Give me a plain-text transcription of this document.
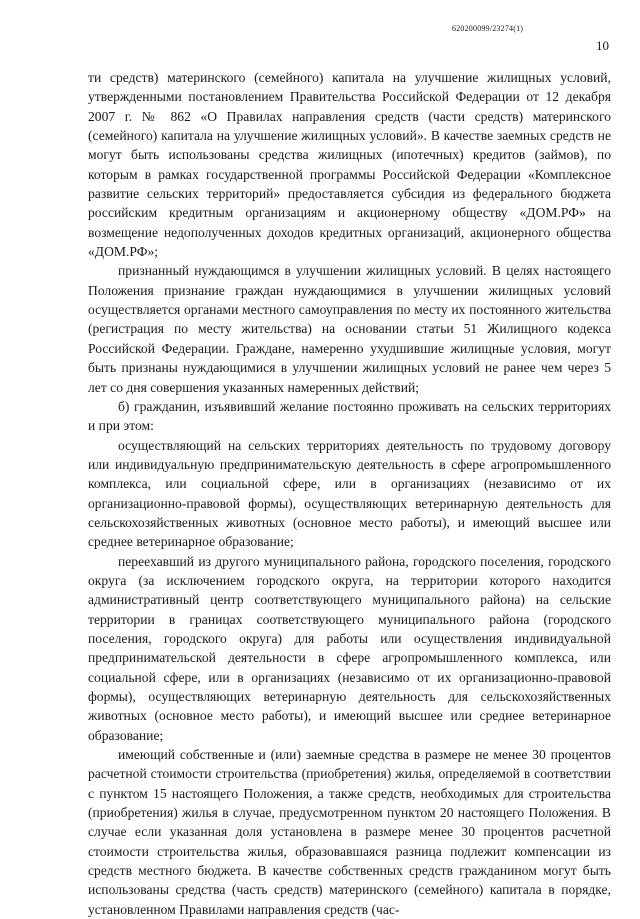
620200099/23274(1)
10

ти средств) материнского (семейного) капитала на улучшение жилищных условий, утвержденными постановлением Правительства Российской Федерации от 12 декабря 2007 г. № 862 «О Правилах направления средств (части средств) материнского (семейного) капитала на улучшение жилищных условий». В качестве заемных средств не могут быть использованы средства жилищных (ипотечных) кредитов (займов), по которым в рамках государственной программы Российской Федерации «Комплексное развитие сельских территорий» предоставляется субсидия из федерального бюджета российским кредитным организациям и акционерному обществу «ДОМ.РФ» на возмещение недополученных доходов кредитных организаций, акционерного общества «ДОМ.РФ»;

признанный нуждающимся в улучшении жилищных условий. В целях настоящего Положения признание граждан нуждающимися в улучшении жилищных условий осуществляется органами местного самоуправления по месту их постоянного жительства (регистрация по месту жительства) на основании статьи 51 Жилищного кодекса Российской Федерации. Граждане, намеренно ухудшившие жилищные условия, могут быть признаны нуждающимися в улучшении жилищных условий не ранее чем через 5 лет со дня совершения указанных намеренных действий;

б) гражданин, изъявивший желание постоянно проживать на сельских территориях и при этом:

осуществляющий на сельских территориях деятельность по трудовому договору или индивидуальную предпринимательскую деятельность в сфере агропромышленного комплекса, или социальной сфере, или в организациях (независимо от их организационно-правовой формы), осуществляющих ветеринарную деятельность для сельскохозяйственных животных (основное место работы), и имеющий высшее или среднее ветеринарное образование;

переехавший из другого муниципального района, городского поселения, городского округа (за исключением городского округа, на территории которого находится административный центр соответствующего муниципального района) на сельские территории в границах соответствующего муниципального района (городского поселения, городского округа) для работы или осуществления индивидуальной предпринимательской деятельности в сфере агропромышленного комплекса, или социальной сфере, или в организациях (независимо от их организационно-правовой формы), осуществляющих ветеринарную деятельность для сельскохозяйственных животных (основное место работы), и имеющий высшее или среднее ветеринарное образование;

имеющий собственные и (или) заемные средства в размере не менее 30 процентов расчетной стоимости строительства (приобретения) жилья, определяемой в соответствии с пунктом 15 настоящего Положения, а также средств, необходимых для строительства (приобретения) жилья в случае, предусмотренном пунктом 20 настоящего Положения. В случае если указанная доля установлена в размере менее 30 процентов расчетной стоимости строительства жилья, образовавшаяся разница подлежит компенсации из средств местного бюджета. В качестве собственных средств гражданином могут быть использованы средства (часть средств) материнского (семейного) капитала в порядке, установленном Правилами направления средств (час-
